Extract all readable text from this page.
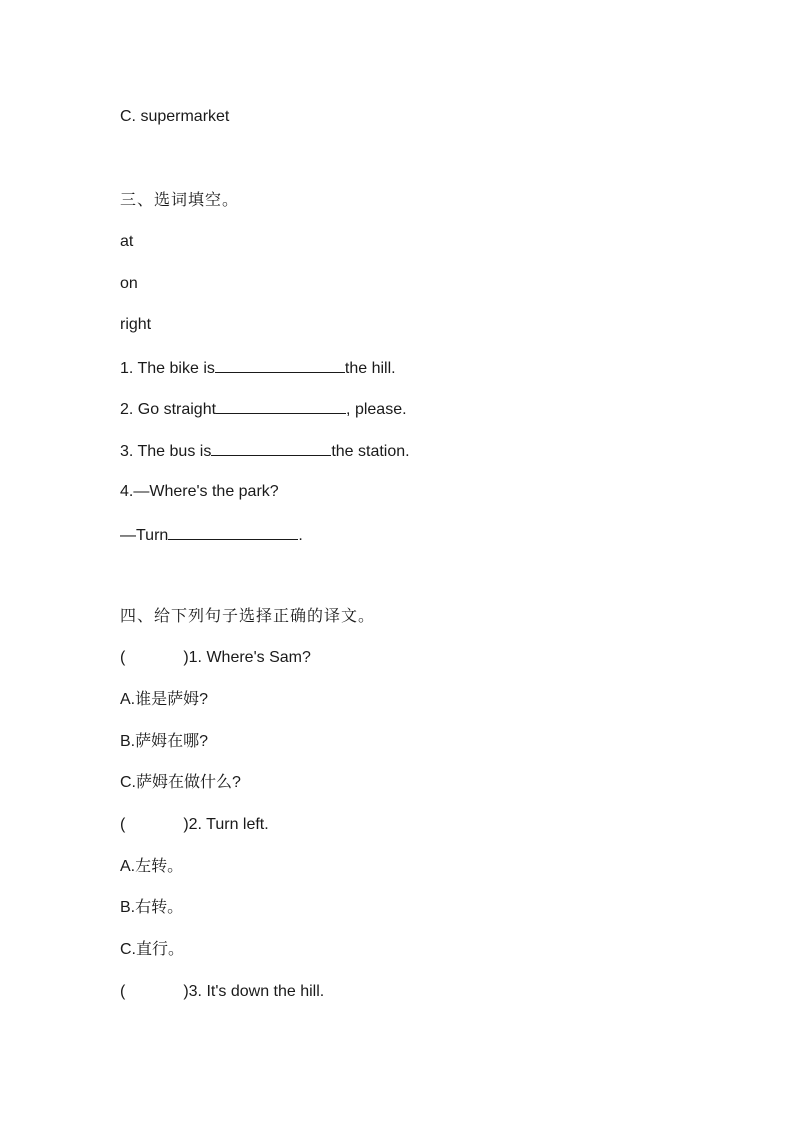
C. supermarket
三、选词填空。
at
on
right
1. The bike is	the hill.
2. Go straight	, please.
3. The bus is	the station.
4.—Where's the park?
—Turn	.
四、给下列句子选择正确的译文。
(	)1. Where's Sam?
A.谁是萨姆?
B.萨姆在哪?
C.萨姆在做什么?
(	)2. Turn left.
A.左转。
B.右转。
C.直行。
(	)3. It's down the hill.
